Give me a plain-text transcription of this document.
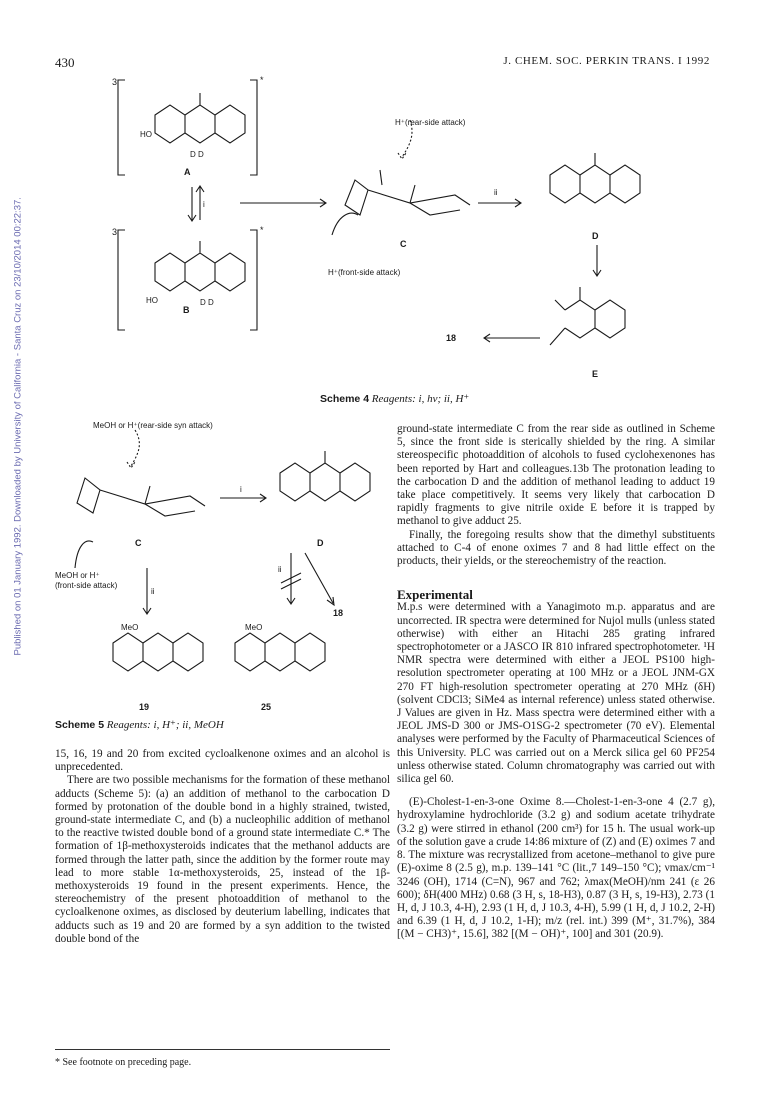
430	J. CHEM. SOC. PERKIN TRANS. I 1992
Published on 01 January 1992. Downloaded by University of California - Santa Cruz on 23/10/2014 00:22:37.
3	*
3	*
HO
HO
D D
D D
A
B
i
H⁺(rear-side attack)
H⁺(front-side attack)
C
ii
D
E
18
Scheme 4 Reagents: i, hν; ii, H⁺
MeOH or H⁺(rear-side syn attack)
C
MeOH or H⁺
(front-side attack)
ii
i
D
ii
18
MeO	MeO
19	25
Scheme 5 Reagents: i, H⁺; ii, MeOH

15, 16, 19 and 20 from excited cycloalkenone oximes and an alcohol is unprecedented.

There are two possible mechanisms for the formation of these methanol adducts (Scheme 5): (a) an addition of methanol to the carbocation D formed by protonation of the double bond in a highly strained, twisted, ground-state intermediate C, and (b) a nucleophilic addition of methanol to the reactive twisted double bond of a ground state intermediate C.* The formation of 1β-methoxysteroids indicates that the methanol adducts are formed through the latter path, since the addition by the former route may lead to more stable 1α-methoxysteroids, 25, instead of the 1β-methoxysteroids 19 found in the present experiments. Hence, the stereochemistry of the present photoaddition of methanol to the cycloalkenone oximes, as disclosed by deuterium labelling, indicates that adducts such as 19 and 20 are formed by a syn addition to the twisted double bond of the

* See footnote on preceding page.

ground-state intermediate C from the rear side as outlined in Scheme 5, since the front side is sterically shielded by the ring. A similar stereospecific photoaddition of alcohols to fused cyclohexenones has been reported by Hart and colleagues.13b The protonation leading to the carbocation D and the addition of methanol leading to adduct 19 take place competitively. It seems very likely that carbocation D rapidly fragments to give nitrile oxide E before it is trapped by methanol to give adduct 25.

Finally, the foregoing results show that the dimethyl substituents attached to C-4 of enone oximes 7 and 8 had little effect on the products, their yields, or the stereochemistry of the reaction.

Experimental

M.p.s were determined with a Yanagimoto m.p. apparatus and are uncorrected. IR spectra were determined for Nujol mulls (unless stated otherwise) with either an Hitachi 285 grating infrared spectrophotometer or a JASCO IR 810 infrared spectrophotometer. ¹H NMR spectra were determined with either a JEOL PS100 high-resolution spectrometer operating at 100 MHz or a JEOL JNM-GX 270 FT high-resolution spectrometer operating at 270 MHz (δH) (solvent CDCl3; SiMe4 as internal reference) unless stated otherwise. J Values are given in Hz. Mass spectra were determined either with a JEOL JMS-D 300 or JMS-O1SG-2 spectrometer (70 eV). Elemental analyses were performed by the Faculty of Pharmaceutical Sciences of this University. PLC was carried out on a Merck silica gel 60 PF254 unless otherwise stated. Column chromatography was carried out with silica gel 60.

(E)-Cholest-1-en-3-one Oxime 8.—Cholest-1-en-3-one 4 (2.7 g), hydroxylamine hydrochloride (3.2 g) and sodium acetate trihydrate (3.2 g) were stirred in ethanol (200 cm³) for 15 h. The usual work-up of the solution gave a crude 14:86 mixture of (Z) and (E) oximes 7 and 8. The mixture was recrystallized from acetone–methanol to give pure (E)-oxime 8 (2.5 g), m.p. 139–141 °C (lit.,7 149–150 °C); νmax/cm⁻¹ 3246 (OH), 1714 (C=N), 967 and 762; λmax(MeOH)/nm 241 (ε 26 600); δH(400 MHz) 0.68 (3 H, s, 18-H3), 0.87 (3 H, s, 19-H3), 2.73 (1 H, d, J 10.3, 4-H), 2.93 (1 H, d, J 10.3, 4-H), 5.99 (1 H, d, J 10.2, 2-H) and 6.39 (1 H, d, J 10.2, 1-H); m/z (rel. int.) 399 (M⁺, 31.7%), 384 [(M − CH3)⁺, 15.6], 382 [(M − OH)⁺, 100] and 301 (20.9).
